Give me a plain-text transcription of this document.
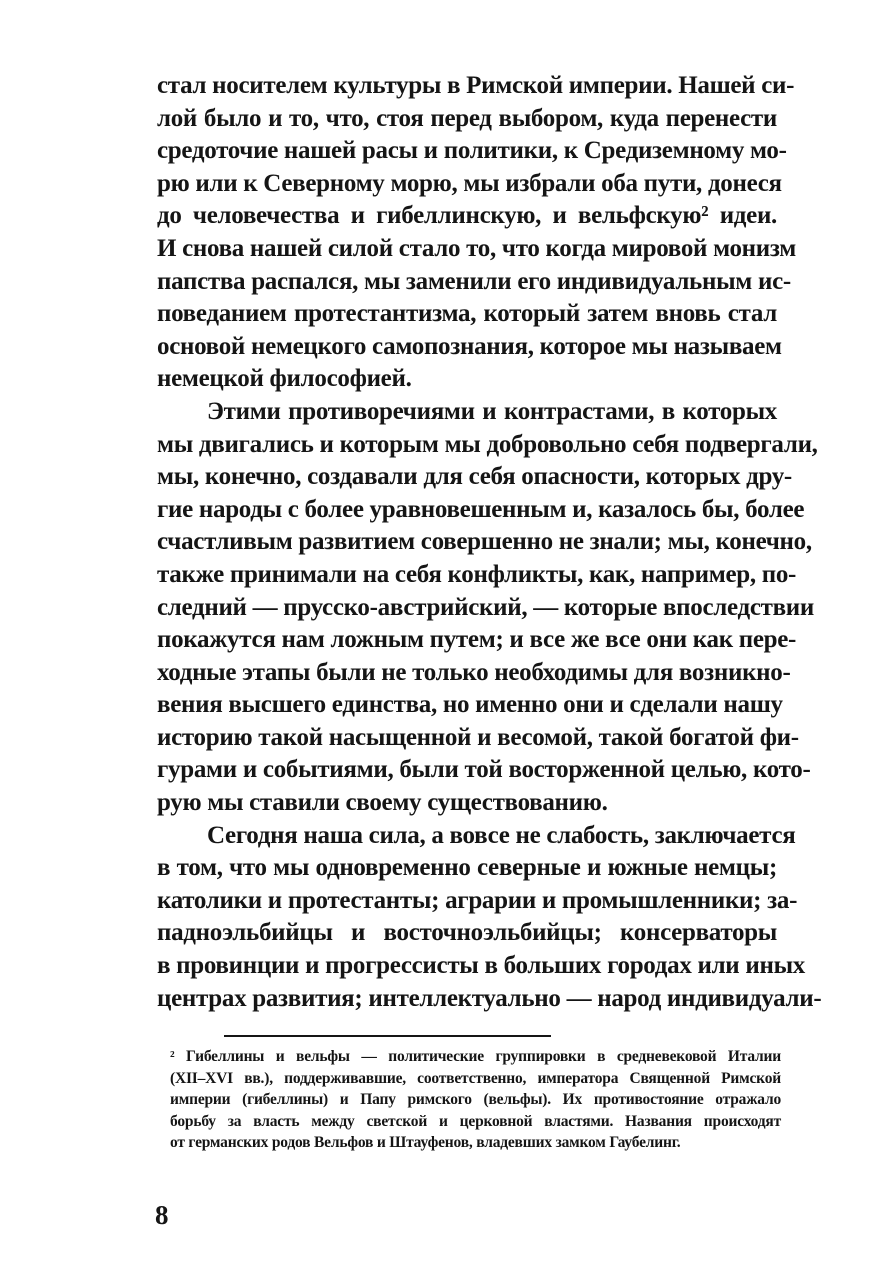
стал носителем культуры в Римской империи. Нашей си-
лой было и то, что, стоя перед выбором, куда перенести
средоточие нашей расы и политики, к Средиземному мо-
рю или к Северному морю, мы избрали оба пути, донеся
до человечества и гибеллинскую, и вельфскую² идеи.
И снова нашей силой стало то, что когда мировой монизм
папства распался, мы заменили его индивидуальным ис-
поведанием протестантизма, который затем вновь стал
основой немецкого самопознания, которое мы называем
немецкой философией.
Этими противоречиями и контрастами, в которых
мы двигались и которым мы добровольно себя подвергали,
мы, конечно, создавали для себя опасности, которых дру-
гие народы с более уравновешенным и, казалось бы, более
счастливым развитием совершенно не знали; мы, конечно,
также принимали на себя конфликты, как, например, по-
следний — прусско-австрийский, — которые впоследствии
покажутся нам ложным путем; и все же все они как пере-
ходные этапы были не только необходимы для возникно-
вения высшего единства, но именно они и сделали нашу
историю такой насыщенной и весомой, такой богатой фи-
гурами и событиями, были той восторженной целью, кото-
рую мы ставили своему существованию.
Сегодня наша сила, а вовсе не слабость, заключается
в том, что мы одновременно северные и южные немцы;
католики и протестанты; аграрии и промышленники; за-
падноэльбийцы и восточноэльбийцы; консерваторы
в провинции и прогрессисты в больших городах или иных
центрах развития; интеллектуально — народ индивидуали-
² Гибеллины и вельфы — политические группировки в средневековой Италии
(XII–XVI вв.), поддерживавшие, соответственно, императора Священной Римской
империи (гибеллины) и Папу римского (вельфы). Их противостояние отражало
борьбу за власть между светской и церковной властями. Названия происходят
от германских родов Вельфов и Штауфенов, владевших замком Гаубелинг.
8
